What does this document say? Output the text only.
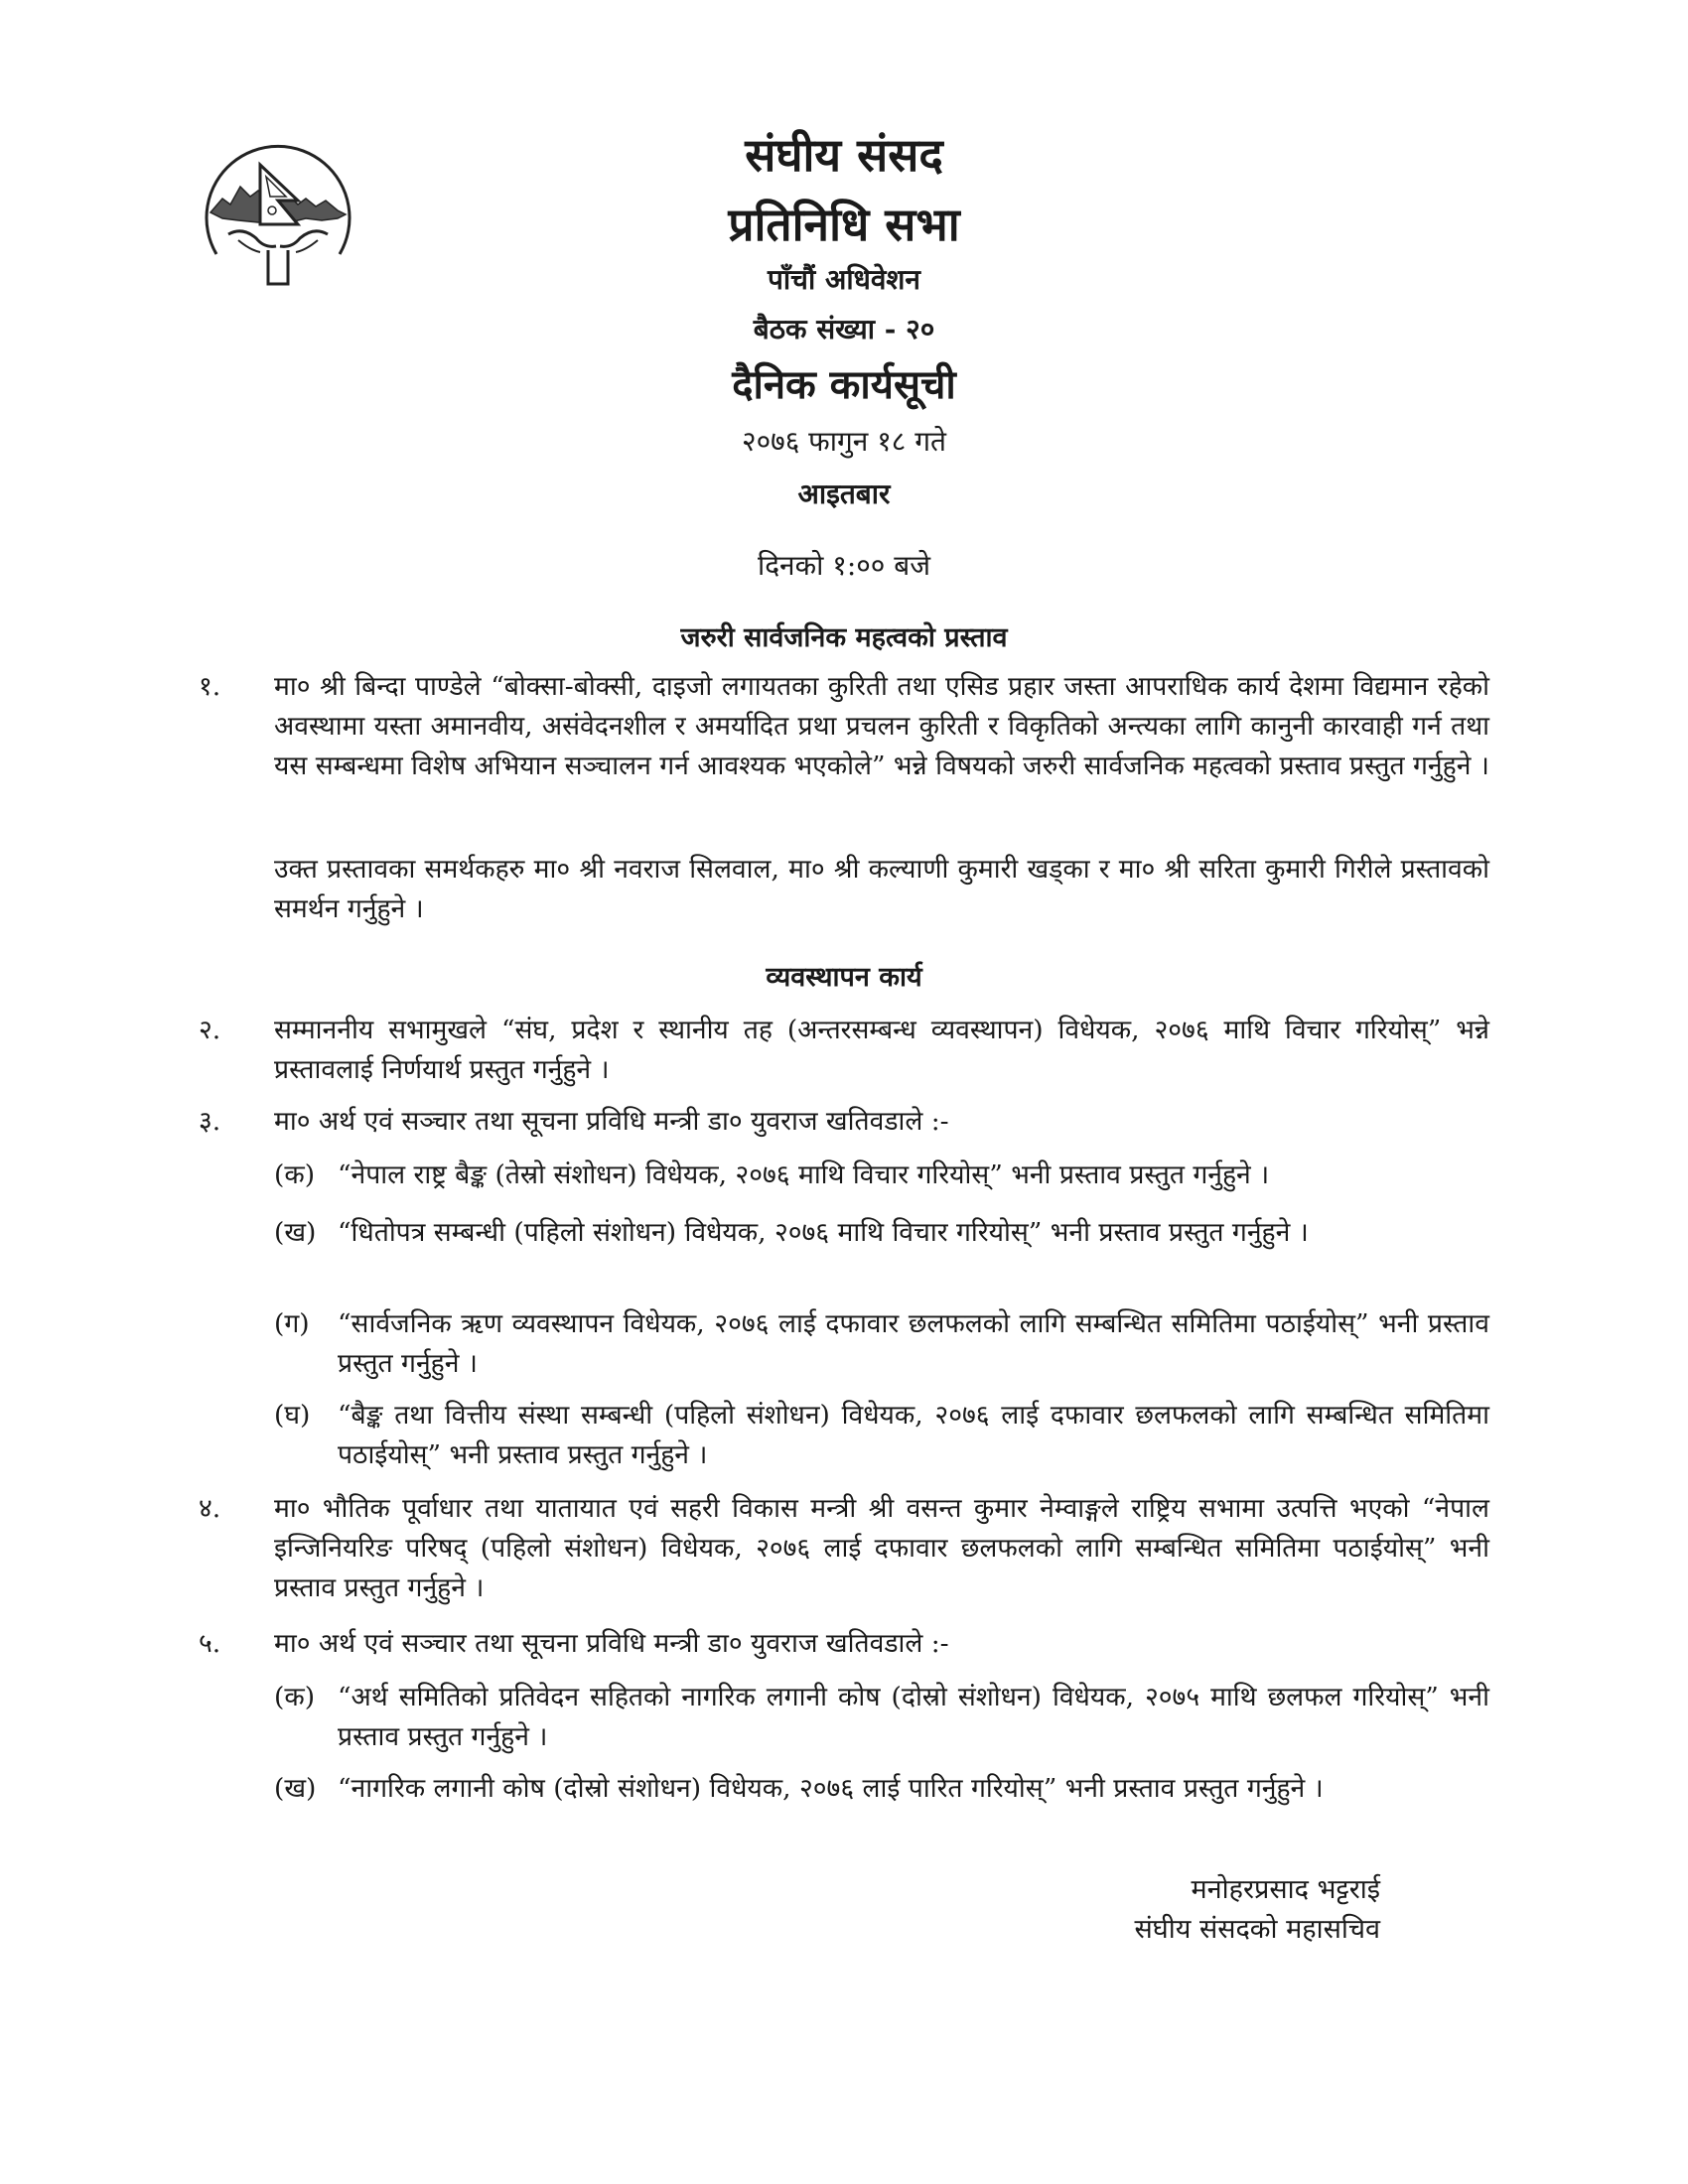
संघीय संसद
प्रतिनिधि सभा
पाँचौं अधिवेशन
बैठक संख्या - २०
दैनिक कार्यसूची
२०७६ फागुन १८ गते
आइतबार
दिनको १:०० बजे
जरुरी सार्वजनिक महत्वको प्रस्ताव
१. मा० श्री बिन्दा पाण्डेले “बोक्सा-बोक्सी, दाइजो लगायतका कुरिती तथा एसिड प्रहार जस्ता आपराधिक कार्य देशमा विद्यमान रहेको अवस्थामा यस्ता अमानवीय, असंवेदनशील र अमर्यादित प्रथा प्रचलन कुरिती र विकृतिको अन्त्यका लागि कानुनी कारवाही गर्न तथा यस सम्बन्धमा विशेष अभियान सञ्चालन गर्न आवश्यक भएकोले” भन्ने विषयको जरुरी सार्वजनिक महत्वको प्रस्ताव प्रस्तुत गर्नुहुने ।
उक्त प्रस्तावका समर्थकहरु मा० श्री नवराज सिलवाल, मा० श्री कल्याणी कुमारी खड्का र मा० श्री सरिता कुमारी गिरीले प्रस्तावको समर्थन गर्नुहुने ।
व्यवस्थापन कार्य
२. सम्माननीय सभामुखले “संघ, प्रदेश र स्थानीय तह (अन्तरसम्बन्ध व्यवस्थापन) विधेयक, २०७६ माथि विचार गरियोस्” भन्ने प्रस्तावलाई निर्णयार्थ प्रस्तुत गर्नुहुने ।
३. मा० अर्थ एवं सञ्चार तथा सूचना प्रविधि मन्त्री डा० युवराज खतिवडाले :-
(क) “नेपाल राष्ट्र बैङ्क (तेस्रो संशोधन) विधेयक, २०७६ माथि विचार गरियोस्” भनी प्रस्ताव प्रस्तुत गर्नुहुने ।
(ख) “धितोपत्र सम्बन्धी (पहिलो संशोधन) विधेयक, २०७६ माथि विचार गरियोस्” भनी प्रस्ताव प्रस्तुत गर्नुहुने ।
(ग) “सार्वजनिक ऋण व्यवस्थापन विधेयक, २०७६ लाई दफावार छलफलको लागि सम्बन्धित समितिमा पठाईयोस्” भनी प्रस्ताव प्रस्तुत गर्नुहुने ।
(घ) “बैङ्क तथा वित्तीय संस्था सम्बन्धी (पहिलो संशोधन) विधेयक, २०७६ लाई दफावार छलफलको लागि सम्बन्धित समितिमा पठाईयोस्” भनी प्रस्ताव प्रस्तुत गर्नुहुने ।
४. मा० भौतिक पूर्वाधार तथा यातायात एवं सहरी विकास मन्त्री श्री वसन्त कुमार नेम्वाङ्गले राष्ट्रिय सभामा उत्पत्ति भएको “नेपाल इन्जिनियरिङ परिषद् (पहिलो संशोधन) विधेयक, २०७६ लाई दफावार छलफलको लागि सम्बन्धित समितिमा पठाईयोस्” भनी प्रस्ताव प्रस्तुत गर्नुहुने ।
५. मा० अर्थ एवं सञ्चार तथा सूचना प्रविधि मन्त्री डा० युवराज खतिवडाले :-
(क) “अर्थ समितिको प्रतिवेदन सहितको नागरिक लगानी कोष (दोस्रो संशोधन) विधेयक, २०७५ माथि छलफल गरियोस्” भनी प्रस्ताव प्रस्तुत गर्नुहुने ।
(ख) “नागरिक लगानी कोष (दोस्रो संशोधन) विधेयक, २०७६ लाई पारित गरियोस्” भनी प्रस्ताव प्रस्तुत गर्नुहुने ।
मनोहरप्रसाद भट्टराई
संघीय संसदको महासचिव
